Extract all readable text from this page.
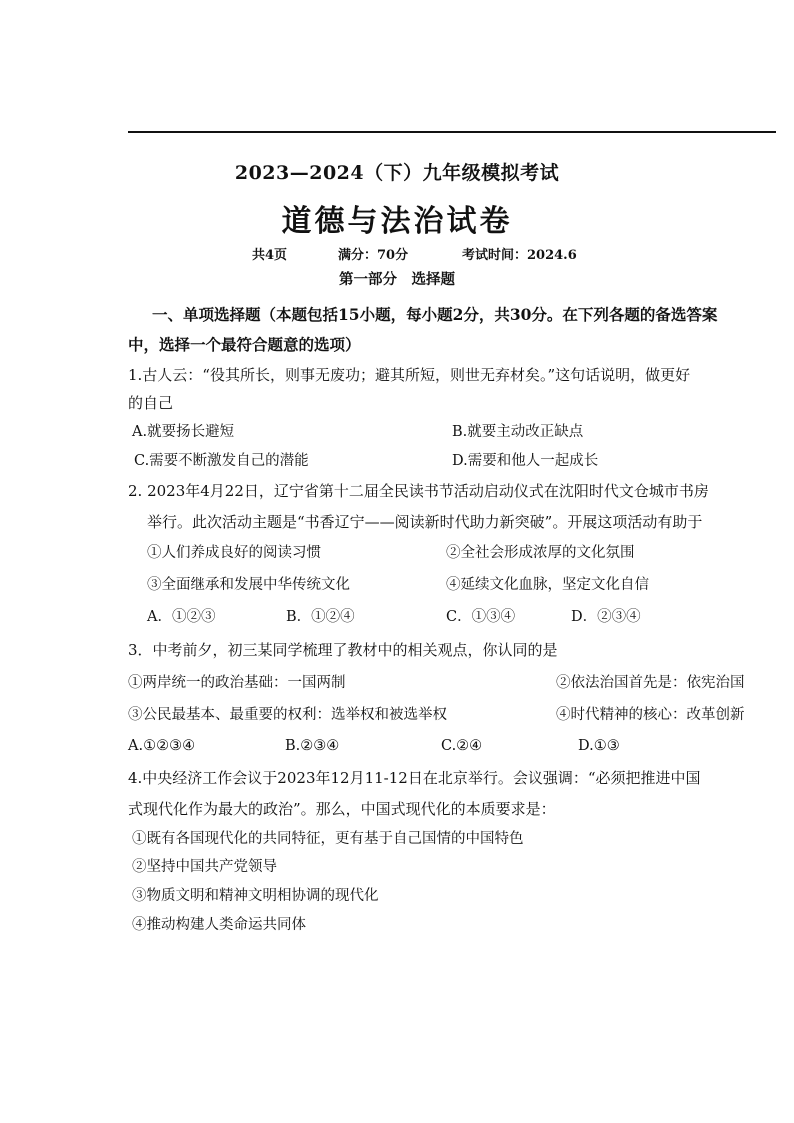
2023—2024（下）九年级模拟考试
道德与法治试卷
共4页	满分：70分	考试时间：2024.6
第一部分　选择题
一、单项选择题（本题包括15小题，每小题2分，共30分。在下列各题的备选答案
中，选择一个最符合题意的选项）
1.古人云：“役其所长，则事无废功；避其所短，则世无弃材矣。”这句话说明，做更好
的自己
A.就要扬长避短	B.就要主动改正缺点
C.需要不断激发自己的潜能	D.需要和他人一起成长
2. 2023年4月22日，辽宁省第十二届全民读书节活动启动仪式在沈阳时代文仓城市书房
举行。此次活动主题是“书香辽宁——阅读新时代助力新突破”。开展这项活动有助于
①人们养成良好的阅读习惯	②全社会形成浓厚的文化氛围
③全面继承和发展中华传统文化	④延续文化血脉，坚定文化自信
A．①②③	B．①②④	C．①③④	D．②③④
3．中考前夕，初三某同学梳理了教材中的相关观点，你认同的是
①两岸统一的政治基础：一国两制	②依法治国首先是：依宪治国
③公民最基本、最重要的权利：选举权和被选举权	④时代精神的核心：改革创新
A.①②③④	B.②③④	C.②④	D.①③
4.中央经济工作会议于2023年12月11-12日在北京举行。会议强调：“必须把推进中国
式现代化作为最大的政治”。那么，中国式现代化的本质要求是：
①既有各国现代化的共同特征，更有基于自己国情的中国特色
②坚持中国共产党领导
③物质文明和精神文明相协调的现代化
④推动构建人类命运共同体
